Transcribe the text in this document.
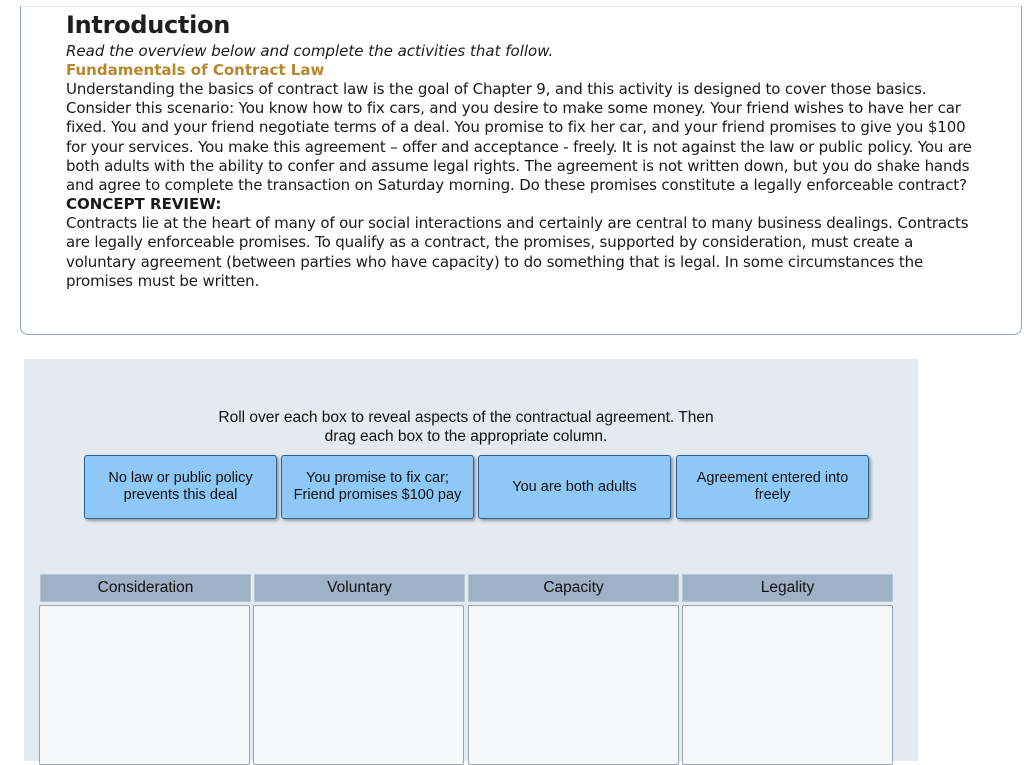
Introduction
Read the overview below and complete the activities that follow.
Fundamentals of Contract Law

Understanding the basics of contract law is the goal of Chapter 9, and this activity is designed to cover those basics. Consider this scenario: You know how to fix cars, and you desire to make some money. Your friend wishes to have her car fixed. You and your friend negotiate terms of a deal. You promise to fix her car, and your friend promises to give you $100 for your services. You make this agreement – offer and acceptance - freely. It is not against the law or public policy. You are both adults with the ability to confer and assume legal rights. The agreement is not written down, but you do shake hands and agree to complete the transaction on Saturday morning. Do these promises constitute a legally enforceable contract?

CONCEPT REVIEW:

Contracts lie at the heart of many of our social interactions and certainly are central to many business dealings. Contracts are legally enforceable promises. To qualify as a contract, the promises, supported by consideration, must create a voluntary agreement (between parties who have capacity) to do something that is legal. In some circumstances the promises must be written.

Roll over each box to reveal aspects of the contractual agreement. Then
drag each box to the appropriate column.
No law or public policy
prevents this deal
You promise to fix car;
Friend promises $100 pay
You are both adults
Agreement entered into
freely
Consideration	Voluntary	Capacity	Legality
